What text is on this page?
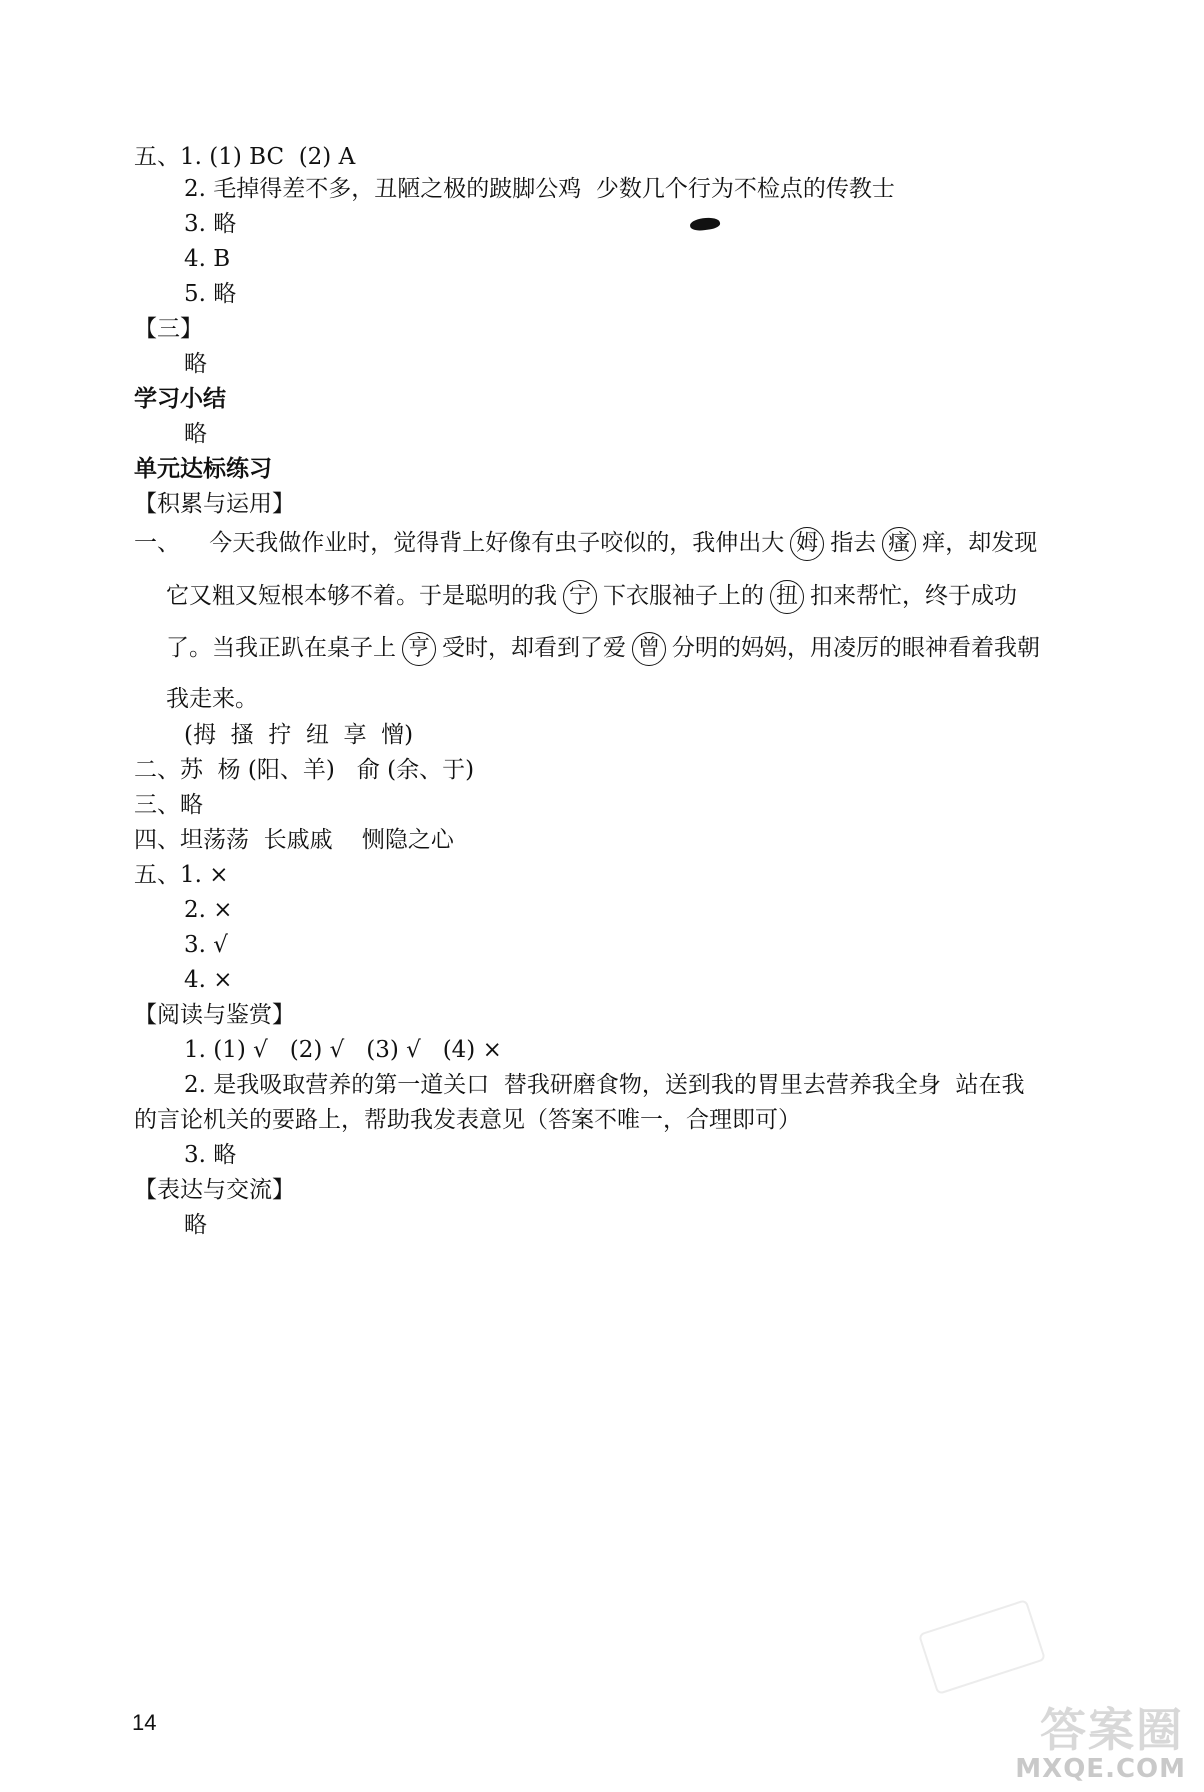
五、1. (1) BC  (2) A
2. 毛掉得差不多，丑陋之极的跛脚公鸡  少数几个行为不检点的传教士
3. 略
4. B
5. 略
【三】
略
学习小结
略
单元达标练习
【积累与运用】
一、    今天我做作业时，觉得背上好像有虫子咬似的，我伸出大 姆 指去 瘙 痒，却发现
它又粗又短根本够不着。于是聪明的我 宁 下衣服袖子上的 扭 扣来帮忙，终于成功
了。当我正趴在桌子上 亨 受时，却看到了爱 曾 分明的妈妈，用凌厉的眼神看着我朝
我走来。
(拇  搔  拧  纽  享  憎)
二、苏  杨 (阳、羊)   俞 (余、于)
三、略
四、坦荡荡  长戚戚    恻隐之心
五、1. ×
2. ×
3. √
4. ×
【阅读与鉴赏】
1. (1) √   (2) √   (3) √   (4) ×
2. 是我吸取营养的第一道关口  替我研磨食物，送到我的胃里去营养我全身  站在我
的言论机关的要路上，帮助我发表意见（答案不唯一，合理即可）
3. 略
【表达与交流】
略
14	答案圈
MXQE.COM
